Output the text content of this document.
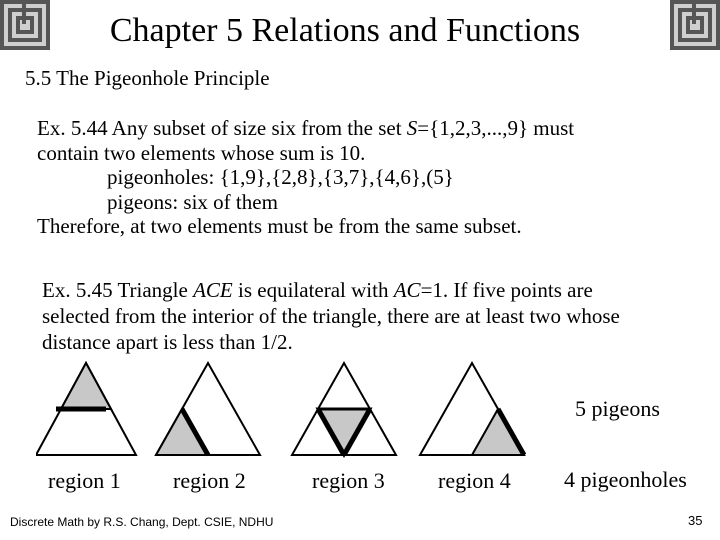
Chapter 5 Relations and Functions
5.5 The Pigeonhole Principle
Ex. 5.44 Any subset of size six from the set S={1,2,3,...,9} must
contain two elements whose sum is 10.
pigeonholes: {1,9},{2,8},{3,7},{4,6},(5}
pigeons: six of them
Therefore, at two elements must be from the same subset.
Ex. 5.45 Triangle ACE is equilateral with AC=1. If five points are
selected from the interior of the triangle, there are at least two whose
distance apart is less than 1/2.
region 1 region 2	region 3 region 4
5 pigeons
4 pigeonholes
Discrete Math by R.S. Chang, Dept. CSIE, NDHU	35
